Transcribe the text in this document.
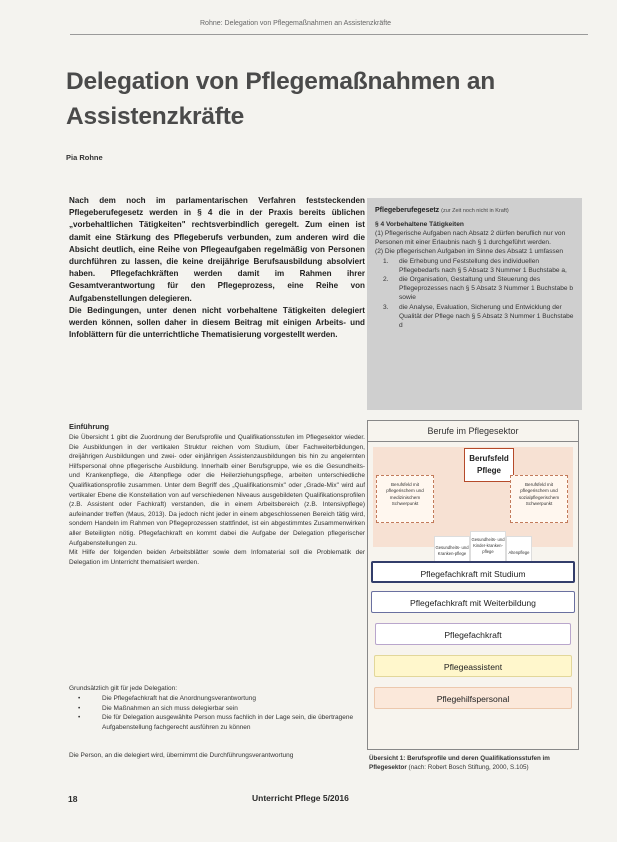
Rohne: Delegation von Pflegemaßnahmen an Assistenzkräfte
Delegation von Pflegemaßnahmen an Assistenzkräfte
Pia Rohne

Nach dem noch im parlamentarischen Verfahren feststeckenden Pflegeberufegesetz werden in § 4 die in der Praxis bereits üblichen „vorbehaltlichen Tätigkeiten" rechtsverbindlich geregelt. Zum einen ist damit eine Stärkung des Pflegeberufs verbunden, zum anderen wird die Absicht deutlich, eine Reihe von Pflegeaufgaben regelmäßig von Personen durchführen zu lassen, die keine dreijährige Berufsausbildung absolviert haben. Pflegefachkräften werden damit im Rahmen ihrer Gesamtverantwortung für den Pflegeprozess, eine Reihe von Aufgabenstellungen delegieren.

Die Bedingungen, unter denen nicht vorbehaltene Tätigkeiten delegiert werden können, sollen daher in diesem Beitrag mit einigen Arbeits- und Infoblättern für die unterrichtliche Thematisierung vorgestellt werden.

Einführung

Die Übersicht 1 gibt die Zuordnung der Berufsprofile und Qualifikationsstufen im Pflegesektor wieder. Die Ausbildungen in der vertikalen Struktur reichen vom Studium, über Fachweiterbildungen, dreijährigen Ausbildungen und zwei- oder einjährigen Assistenzausbildungen bis hin zu angelernten Hilfspersonal ohne pflegerische Ausbildung. Innerhalb einer Berufsgruppe, wie es die Gesundheits- und Krankenpflege, die Altenpflege oder die Heilerziehungspflege, arbeiten unterschiedliche Qualifikationsprofile zusammen. Unter dem Begriff des „Qualifikationsmix" oder „Grade-Mix" wird auf vertikaler Ebene die Konstellation von auf verschiedenen Niveaus ausgebildeten Qualifikationsprofilen (z.B. Assistent oder Fachkraft) verstanden, die in einem Arbeitsbereich (z.B. Intensivpflege) aufeinander treffen (Maus, 2013). Da jedoch nicht jeder in einem abgeschlossenen Bereich tätig wird, sondern Handeln im Rahmen von Pflegeprozessen stattfindet, ist ein abgestimmtes Zusammenwirken aller Beteiligten nötig. Pflegefachkraft en kommt dabei die Aufgabe der Delegation pflegerischer Aufgabenstellungen zu.

Mit Hilfe der folgenden beiden Arbeitsblätter sowie dem Infomaterial soll die Problematik der Delegation im Unterricht thematisiert werden.

Grundsätzlich gilt für jede Delegation:
• Die Pflegefachkraft hat die Anordnungsverantwortung
• Die Maßnahmen an sich muss delegierbar sein
• Die für Delegation ausgewählte Person muss fachlich in der Lage sein, die übertragene Aufgabenstellung fachgerecht ausführen zu können
Die Person, an die delegiert wird, übernimmt die Durchführungsverantwortung
Pflegeberufegesetz (zur Zeit noch nicht in Kraft)
§ 4 Vorbehaltene Tätigkeiten
(1) Pflegerische Aufgaben nach Absatz 2 dürfen beruflich nur von Personen mit einer Erlaubnis nach § 1 durchgeführt werden.
(2) Die pflegerischen Aufgaben im Sinne des Absatz 1 umfassen
1. die Erhebung und Feststellung des individuellen Pflegebedarfs nach § 5 Absatz 3 Nummer 1 Buchstabe a,
2. die Organisation, Gestaltung und Steuerung des Pflegeprozesses nach § 5 Absatz 3 Nummer 1 Buchstabe b sowie
3. die Analyse, Evaluation, Sicherung und Entwicklung der Qualität der Pflege nach § 5 Absatz 3 Nummer 1 Buchstabe d
Berufe im Pflegesektor
Berufsfeld Pflege
Berufsfeld mit pflegerischem und medizinischem Schwerpunkt
Berufsfeld mit pflegerischem und sozialpflegerischem Schwerpunkt
Gesundheits- und Kranken-pflege
Gesundheits- und Kinder-kranken-pflege	Altenpflege
Pflegefachkraft mit Studium
Pflegefachkraft mit Weiterbildung
Pflegefachkraft
Pflegeassistent
Pflegehilfspersonal
Übersicht 1: Berufsprofile und deren Qualifikationsstufen im Pflegesektor (nach: Robert Bosch Stiftung, 2000, S.105)
18	Unterricht Pflege 5/2016
